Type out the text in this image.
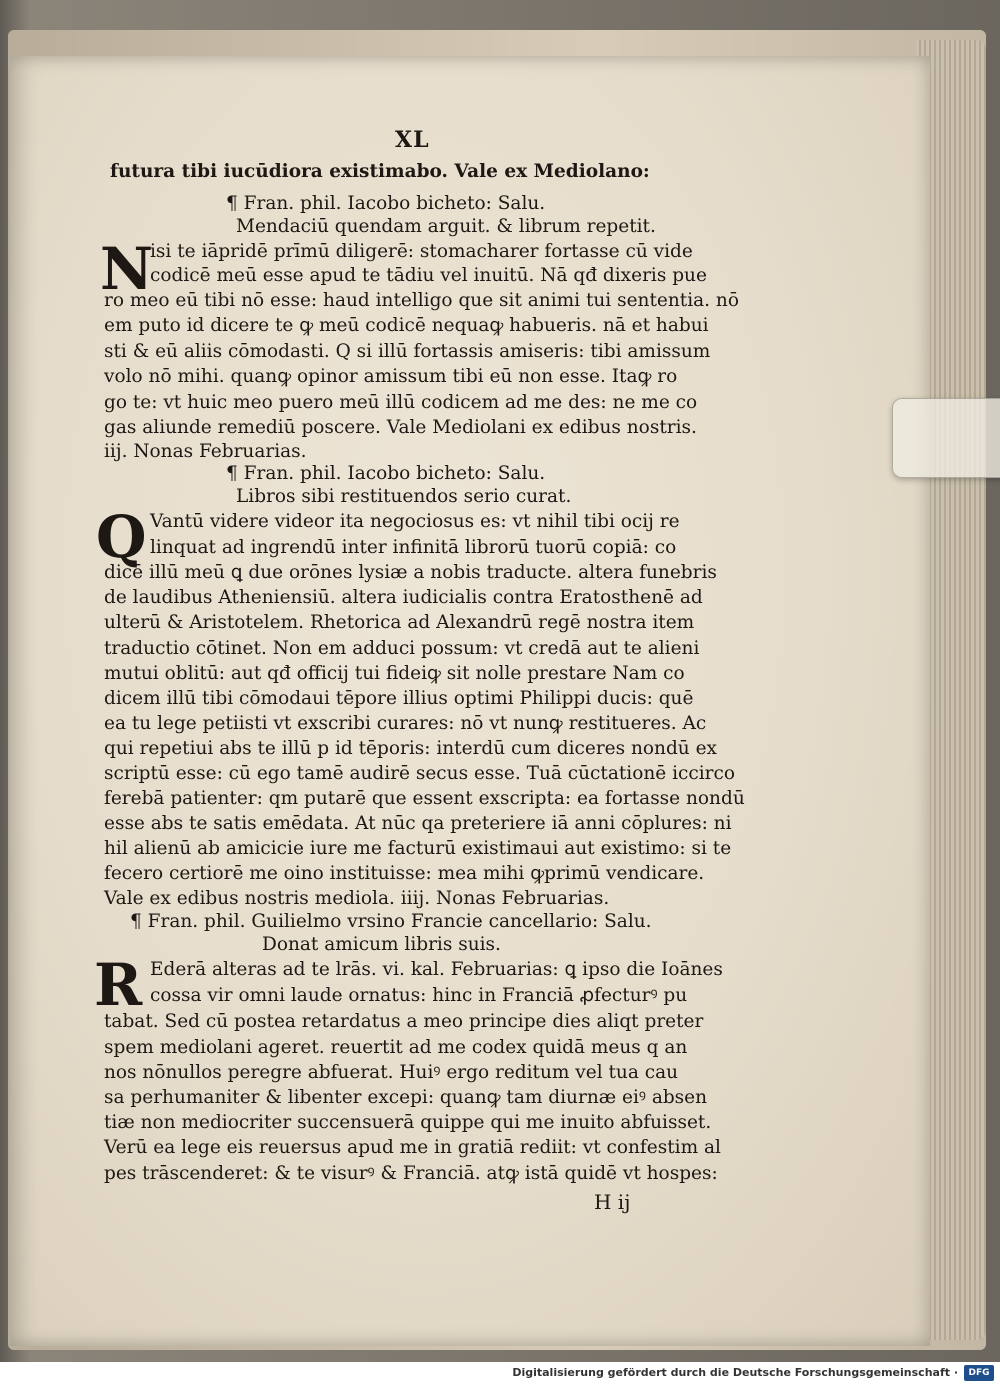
XL
futura tibi iucūdiora existimabo. Vale ex Mediolano:
¶ Fran. phil. Iacobo bicheto: Salu.
Mendaciū quendam arguit. & librum repetit.
N
isi te iāpridē prīmū diligerē: stomacharer fortasse cū vide
codicē meū esse apud te tādiu vel inuitū. Nā qđ dixeris pue
ro meo eū tibi nō esse: haud intelligo que sit animi tui sententia. nō
em puto id dicere te ꝙ meū codicē nequaꝙ habueris. nā et habui
sti & eū aliis cōmodasti. Q si illū fortassis amiseris: tibi amissum
volo nō mihi. quanꝙ opinor amissum tibi eū non esse. Itaꝙ ro
go te: vt huic meo puero meū illū codicem ad me des: ne me co
gas aliunde remediū poscere. Vale Mediolani ex edibus nostris.
iij. Nonas Februarias.
¶ Fran. phil. Iacobo bicheto: Salu.
Libros sibi restituendos serio curat.
Q Vantū videre videor ita negociosus es: vt nihil tibi ocij re
linquat ad ingrendū inter infinitā librorū tuorū copiā: co
dicē illū meū ꝗ due orōnes lysiæ a nobis traducte. altera funebris
de laudibus Atheniensiū. altera iudicialis contra Eratosthenē ad
ulterū & Aristotelem. Rhetorica ad Alexandrū regē nostra item
traductio cōtinet. Non em adduci possum: vt credā aut te alieni
mutui oblitū: aut qđ officij tui fideiꝙ sit nolle prestare Nam co
dicem illū tibi cōmodaui tēpore illius optimi Philippi ducis: quē
ea tu lege petiisti vt exscribi curares: nō vt nunꝙ restitueres. Ac
qui repetiui abs te illū p id tēporis: interdū cum diceres nondū ex
scriptū esse: cū ego tamē audirē secus esse. Tuā cūctationē iccirco
ferebā patienter: qm putarē que essent exscripta: ea fortasse nondū
esse abs te satis emēdata. At nūc qa preteriere iā anni cōplures: ni
hil alienū ab amicicie iure me facturū existimaui aut existimo: si te
fecero certiorē me oino instituisse: mea mihi ꝙprimū vendicare.
Vale ex edibus nostris mediola. iiij. Nonas Februarias.
¶ Fran. phil. Guilielmo vrsino Francie cancellario: Salu.
Donat amicum libris suis.
R Ederā alteras ad te lrās. vi. kal. Februarias: ꝗ ipso die Ioānes
cossa vir omni laude ornatus: hinc in Franciā ꝓfecturꝰ pu
tabat. Sed cū postea retardatus a meo principe dies aliqt preter
spem mediolani ageret. reuertit ad me codex quidā meus q an
nos nōnullos peregre abfuerat. Huiꝰ ergo reditum vel tua cau
sa perhumaniter & libenter excepi: quanꝙ tam diurnæ eiꝰ absen
tiæ non mediocriter succensuerā quippe qui me inuito abfuisset.
Verū ea lege eis reuersus apud me in gratiā rediit: vt confestim al
pes trāscenderet: & te visurꝰ & Franciā. atꝙ istā quidē vt hospes:
H ij
Digitalisierung gefördert durch die Deutsche Forschungsgemeinschaft ·	DFG
